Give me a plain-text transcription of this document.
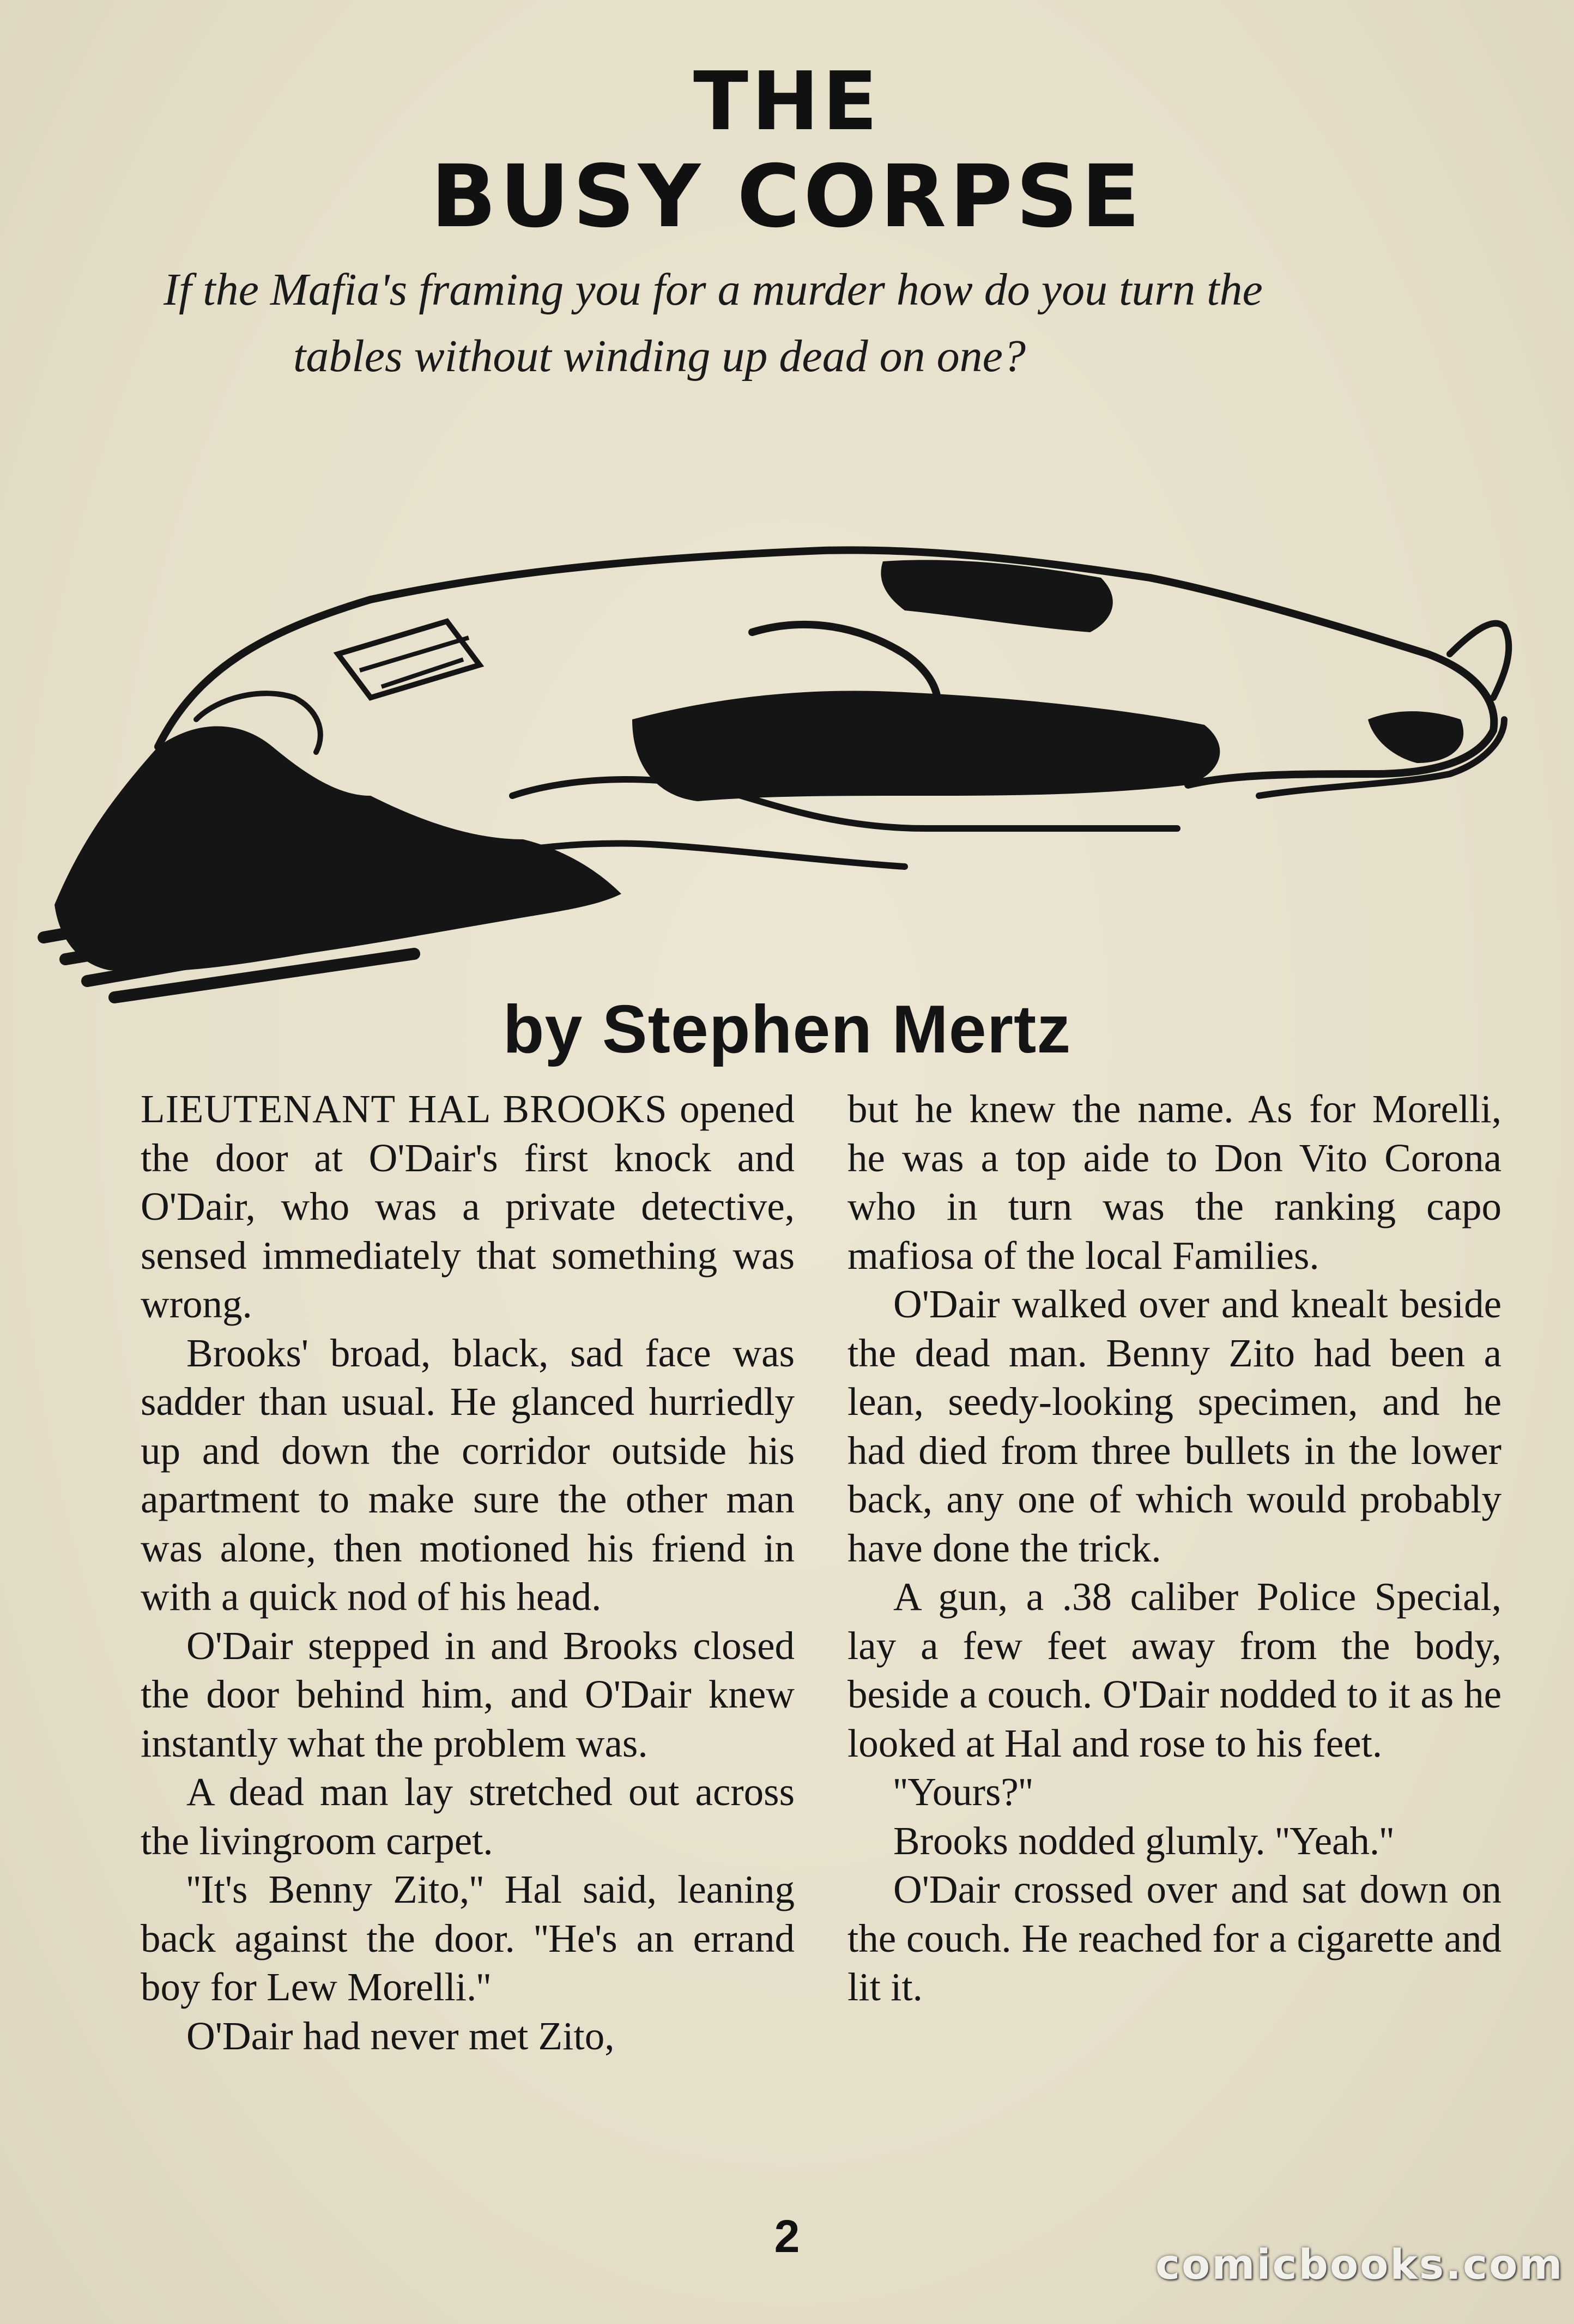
THE
BUSY CORPSE
If the Mafia's framing you for a murder how do you turn the
tables without winding up dead on one?
by Stephen Mertz

LIEUTENANT HAL BROOKS opened the door at O'Dair's first knock and O'Dair, who was a private detective, sensed immediately that something was wrong.

Brooks' broad, black, sad face was sadder than usual. He glanced hurriedly up and down the corridor outside his apartment to make sure the other man was alone, then motioned his friend in with a quick nod of his head.

O'Dair stepped in and Brooks closed the door behind him, and O'Dair knew instantly what the problem was.

A dead man lay stretched out across the livingroom carpet.

''It's Benny Zito,'' Hal said, leaning back against the door. ''He's an errand boy for Lew Morelli.''

O'Dair had never met Zito,

but he knew the name. As for Morelli, he was a top aide to Don Vito Corona who in turn was the ranking capo mafiosa of the local Families.

O'Dair walked over and knealt beside the dead man. Benny Zito had been a lean, seedy-looking specimen, and he had died from three bullets in the lower back, any one of which would probably have done the trick.

A gun, a .38 caliber Police Special, lay a few feet away from the body, beside a couch. O'Dair nodded to it as he looked at Hal and rose to his feet.

''Yours?''

Brooks nodded glumly. ''Yeah.''

O'Dair crossed over and sat down on the couch. He reached for a cigarette and lit it.

2
comicbooks.com
